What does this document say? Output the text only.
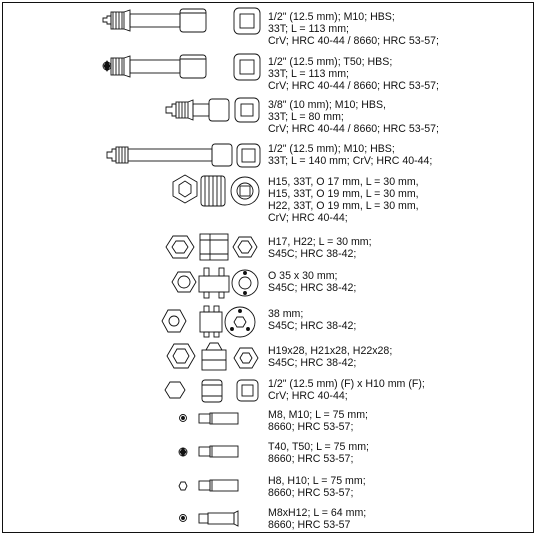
1/2" (12.5 mm); M10; HBS;
33T; L = 113 mm;
CrV; HRC 40-44 / 8660; HRC 53-57;
1/2" (12.5 mm); T50; HBS;
33T; L = 113 mm;
CrV; HRC 40-44 / 8660; HRC 53-57;
3/8" (10 mm); M10; HBS,
33T; L = 80 mm;
CrV; HRC 40-44 / 8660; HRC 53-57;
1/2" (12.5 mm); M10; HBS;
33T; L = 140 mm; CrV; HRC 40-44;
H15, 33T, O 17 mm, L = 30 mm,
H15, 33T, O 19 mm, L = 30 mm,
H22, 33T, O 19 mm, L = 30 mm,
CrV; HRC 40-44;
H17, H22; L = 30 mm;
S45C; HRC 38-42;
O 35 x 30 mm;
S45C; HRC 38-42;
38 mm;
S45C; HRC 38-42;
H19x28, H21x28, H22x28;
S45C; HRC 38-42;
1/2" (12.5 mm) (F) x H10 mm (F);
CrV; HRC 40-44;
M8, M10; L = 75 mm;
8660; HRC 53-57;
T40, T50; L = 75 mm;
8660; HRC 53-57;
H8, H10; L = 75 mm;
8660; HRC 53-57;
M8xH12; L = 64 mm;
8660; HRC 53-57
